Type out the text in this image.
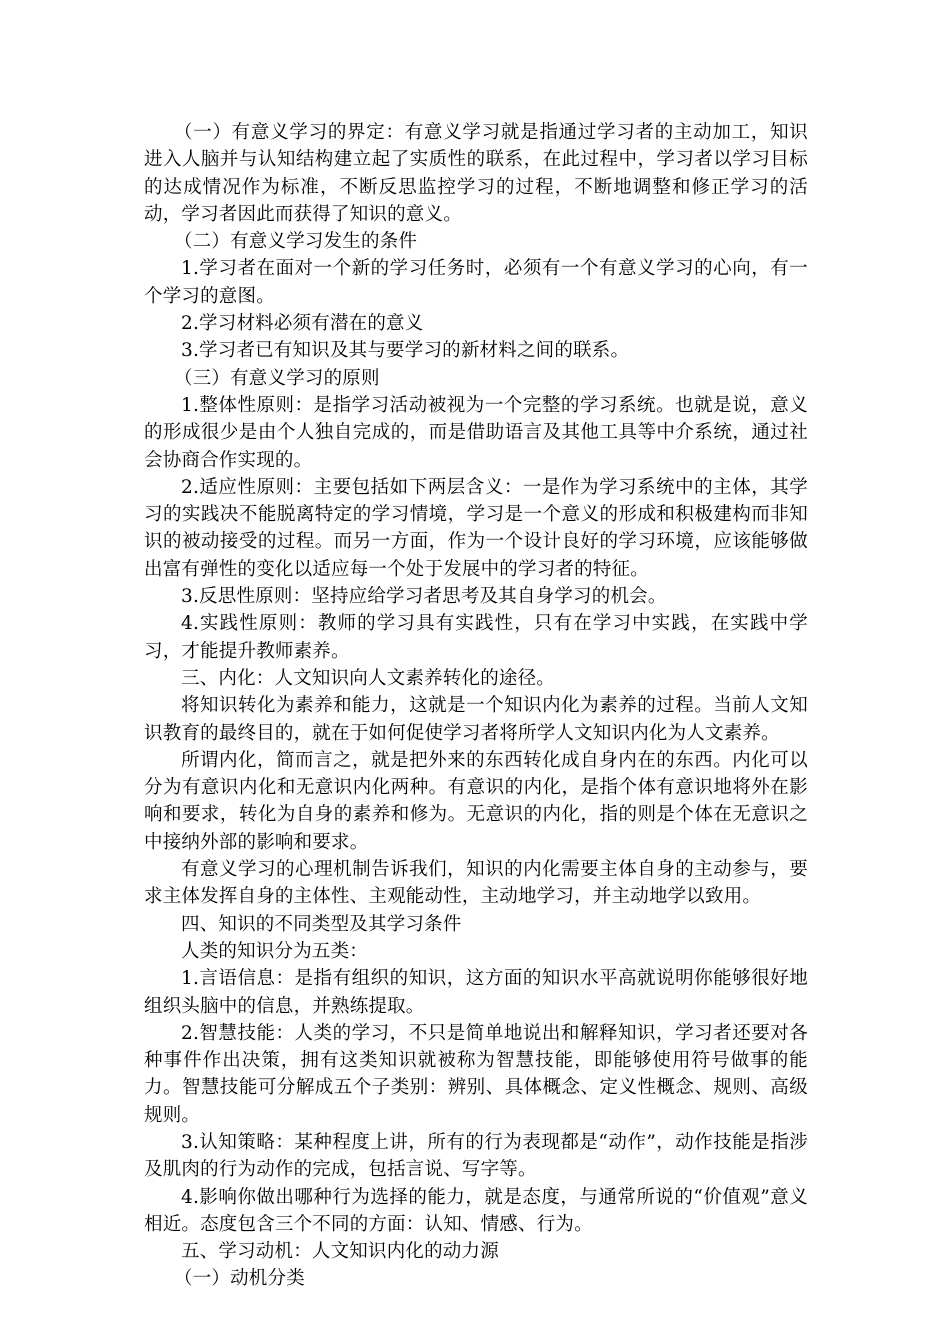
（一）有意义学习的界定：有意义学习就是指通过学习者的主动加工，知识进入人脑并与认知结构建立起了实质性的联系，在此过程中，学习者以学习目标的达成情况作为标准，不断反思监控学习的过程，不断地调整和修正学习的活动，学习者因此而获得了知识的意义。

（二）有意义学习发生的条件

1.学习者在面对一个新的学习任务时，必须有一个有意义学习的心向，有一个学习的意图。

2.学习材料必须有潜在的意义

3.学习者已有知识及其与要学习的新材料之间的联系。

（三）有意义学习的原则

1.整体性原则：是指学习活动被视为一个完整的学习系统。也就是说，意义的形成很少是由个人独自完成的，而是借助语言及其他工具等中介系统，通过社会协商合作实现的。

2.适应性原则：主要包括如下两层含义：一是作为学习系统中的主体，其学习的实践决不能脱离特定的学习情境，学习是一个意义的形成和积极建构而非知识的被动接受的过程。而另一方面，作为一个设计良好的学习环境，应该能够做出富有弹性的变化以适应每一个处于发展中的学习者的特征。

3.反思性原则：坚持应给学习者思考及其自身学习的机会。

4.实践性原则：教师的学习具有实践性，只有在学习中实践，在实践中学习，才能提升教师素养。

三、内化：人文知识向人文素养转化的途径。

将知识转化为素养和能力，这就是一个知识内化为素养的过程。当前人文知识教育的最终目的，就在于如何促使学习者将所学人文知识内化为人文素养。

所谓内化，简而言之，就是把外来的东西转化成自身内在的东西。内化可以分为有意识内化和无意识内化两种。有意识的内化，是指个体有意识地将外在影响和要求，转化为自身的素养和修为。无意识的内化，指的则是个体在无意识之中接纳外部的影响和要求。

有意义学习的心理机制告诉我们，知识的内化需要主体自身的主动参与，要求主体发挥自身的主体性、主观能动性，主动地学习，并主动地学以致用。

四、知识的不同类型及其学习条件

人类的知识分为五类：

1.言语信息：是指有组织的知识，这方面的知识水平高就说明你能够很好地组织头脑中的信息，并熟练提取。

2.智慧技能：人类的学习，不只是简单地说出和解释知识，学习者还要对各种事件作出决策，拥有这类知识就被称为智慧技能，即能够使用符号做事的能力。智慧技能可分解成五个子类别：辨别、具体概念、定义性概念、规则、高级规则。

3.认知策略：某种程度上讲，所有的行为表现都是“动作”，动作技能是指涉及肌肉的行为动作的完成，包括言说、写字等。

4.影响你做出哪种行为选择的能力，就是态度，与通常所说的“价值观”意义相近。态度包含三个不同的方面：认知、情感、行为。

五、学习动机：人文知识内化的动力源

（一）动机分类
